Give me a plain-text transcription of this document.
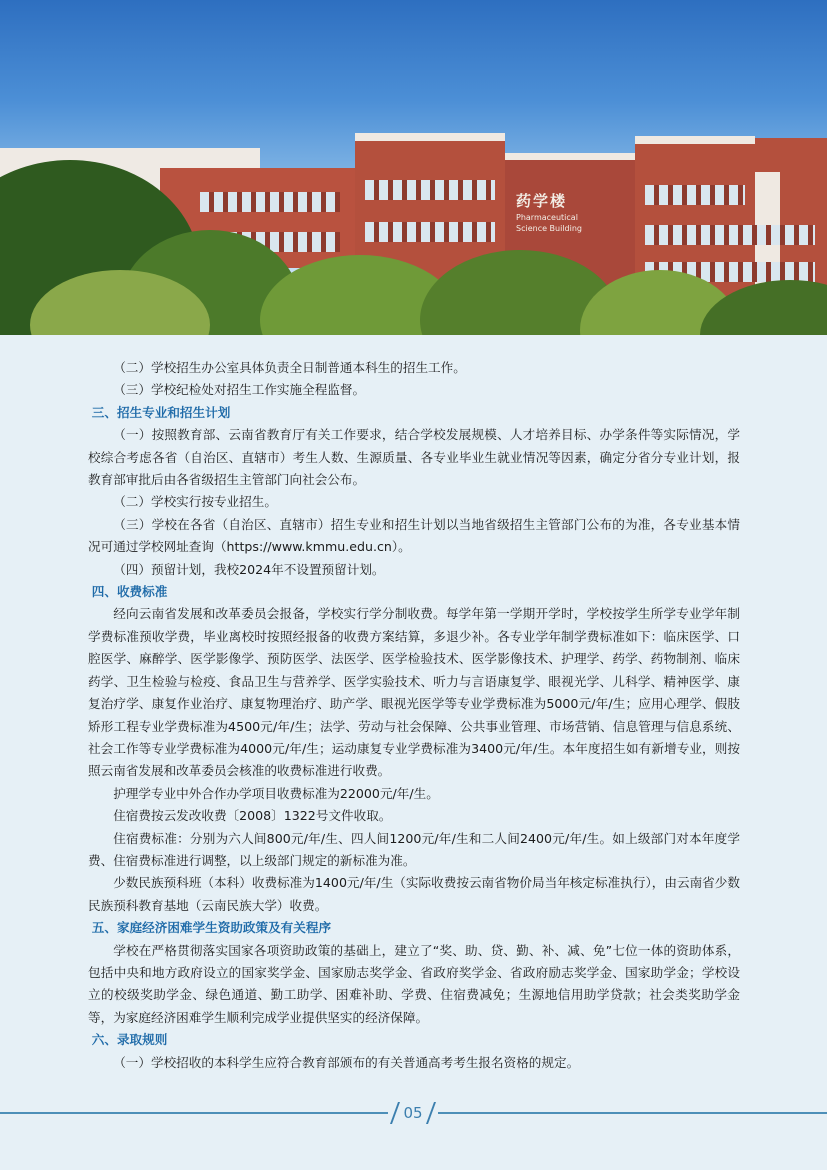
药学楼
Pharmaceutical Science Building

（二）学校招生办公室具体负责全日制普通本科生的招生工作。

（三）学校纪检处对招生工作实施全程监督。

三、招生专业和招生计划

（一）按照教育部、云南省教育厅有关工作要求，结合学校发展规模、人才培养目标、办学条件等实际情况，学校综合考虑各省（自治区、直辖市）考生人数、生源质量、各专业毕业生就业情况等因素，确定分省分专业计划，报教育部审批后由各省级招生主管部门向社会公布。

（二）学校实行按专业招生。

（三）学校在各省（自治区、直辖市）招生专业和招生计划以当地省级招生主管部门公布的为准，各专业基本情况可通过学校网址查询（https://www.kmmu.edu.cn）。

（四）预留计划，我校2024年不设置预留计划。

四、收费标准

经向云南省发展和改革委员会报备，学校实行学分制收费。每学年第一学期开学时，学校按学生所学专业学年制学费标准预收学费，毕业离校时按照经报备的收费方案结算，多退少补。各专业学年制学费标准如下：临床医学、口腔医学、麻醉学、医学影像学、预防医学、法医学、医学检验技术、医学影像技术、护理学、药学、药物制剂、临床药学、卫生检验与检疫、食品卫生与营养学、医学实验技术、听力与言语康复学、眼视光学、儿科学、精神医学、康复治疗学、康复作业治疗、康复物理治疗、助产学、眼视光医学等专业学费标准为5000元/年/生；应用心理学、假肢矫形工程专业学费标准为4500元/年/生；法学、劳动与社会保障、公共事业管理、市场营销、信息管理与信息系统、社会工作等专业学费标准为4000元/年/生；运动康复专业学费标准为3400元/年/生。本年度招生如有新增专业，则按照云南省发展和改革委员会核准的收费标准进行收费。

护理学专业中外合作办学项目收费标准为22000元/年/生。

住宿费按云发改收费〔2008〕1322号文件收取。

住宿费标准：分别为六人间800元/年/生、四人间1200元/年/生和二人间2400元/年/生。如上级部门对本年度学费、住宿费标准进行调整，以上级部门规定的新标准为准。

少数民族预科班（本科）收费标准为1400元/年/生（实际收费按云南省物价局当年核定标准执行），由云南省少数民族预科教育基地（云南民族大学）收费。

五、家庭经济困难学生资助政策及有关程序

学校在严格贯彻落实国家各项资助政策的基础上，建立了“奖、助、贷、勤、补、减、免”七位一体的资助体系，包括中央和地方政府设立的国家奖学金、国家励志奖学金、省政府奖学金、省政府励志奖学金、国家助学金；学校设立的校级奖助学金、绿色通道、勤工助学、困难补助、学费、住宿费减免；生源地信用助学贷款；社会类奖助学金等，为家庭经济困难学生顺利完成学业提供坚实的经济保障。

六、录取规则

（一）学校招收的本科学生应符合教育部颁布的有关普通高考考生报名资格的规定。

05
